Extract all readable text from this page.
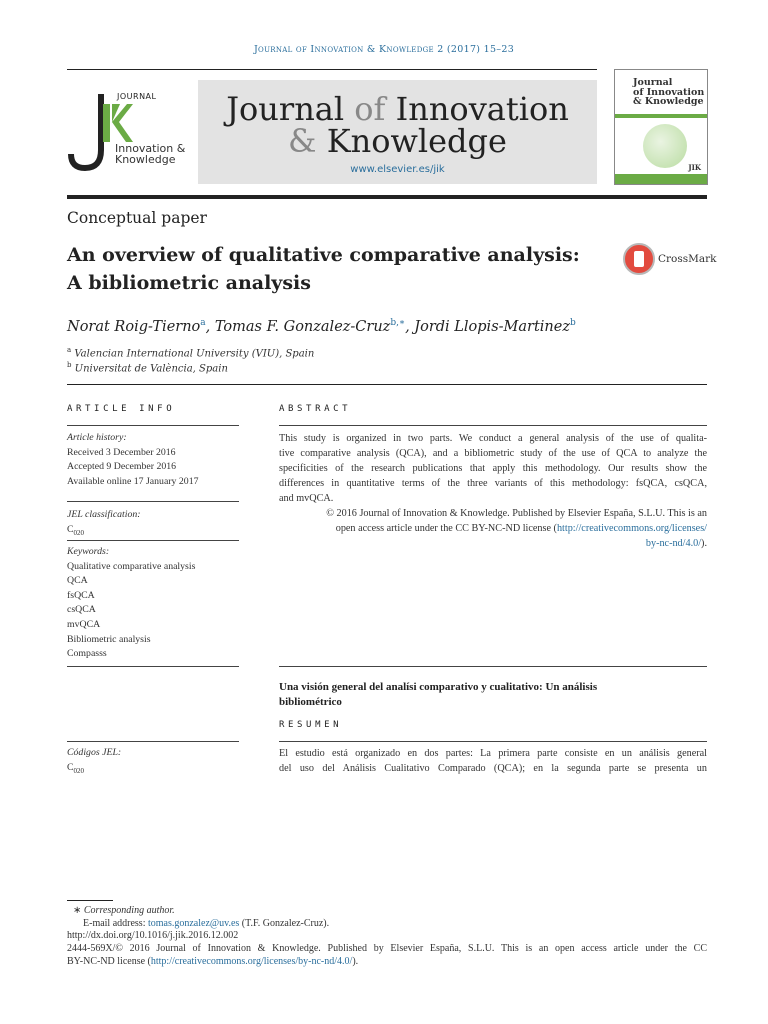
Journal of Innovation & Knowledge 2 (2017) 15–23
JOURNAL
Innovation &
Knowledge
Journal of Innovation
& Knowledge
www.elsevier.es/jik
Journal
of Innovation
& Knowledge
JIK
Conceptual paper
An overview of qualitative comparative analysis:
A bibliometric analysis
CrossMark
Norat Roig-Tierno$^a$, Tomas F. Gonzalez-Cruz$^{b,∗}$, Jordi Llopis-Martinez$^b$
$^a$ Valencian International University (VIU), Spain
$^b$ Universitat de València, Spain
ARTICLE INFO
Article history:
Received 3 December 2016
Accepted 9 December 2016
Available online 17 January 2017
JEL classification:
$C_{020}$
Keywords:
Qualitative comparative analysis
QCA
fsQCA
csQCA
mvQCA
Bibliometric analysis
Compasss
ABSTRACT
This study is organized in two parts. We conduct a general analysis of the use of qualita-
tive comparative analysis (QCA), and a bibliometric study of the use of QCA to analyze the
specificities of the research publications that apply this methodology. Our results show the
differences in quantitative terms of the three variants of this methodology: fsQCA, csQCA,
and mvQCA.
© 2016 Journal of Innovation & Knowledge. Published by Elsevier España, S.L.U. This is an
open access article under the CC BY-NC-ND license (http://creativecommons.org/licenses/
by-nc-nd/4.0/).
Una visión general del analísi comparativo y cualitativo: Un análisis
bibliométrico
RESUMEN
Códigos JEL:
$C_{020}$
El estudio está organizado en dos partes: La primera parte consiste en un análisis general
del uso del Análisis Cualitativo Comparado (QCA); en la segunda parte se presenta un
∗ Corresponding author.
E-mail address: tomas.gonzalez@uv.es (T.F. Gonzalez-Cruz).
http://dx.doi.org/10.1016/j.jik.2016.12.002
2444-569X/© 2016 Journal of Innovation & Knowledge. Published by Elsevier España, S.L.U. This is an open access article under the CC
BY-NC-ND license (http://creativecommons.org/licenses/by-nc-nd/4.0/).
